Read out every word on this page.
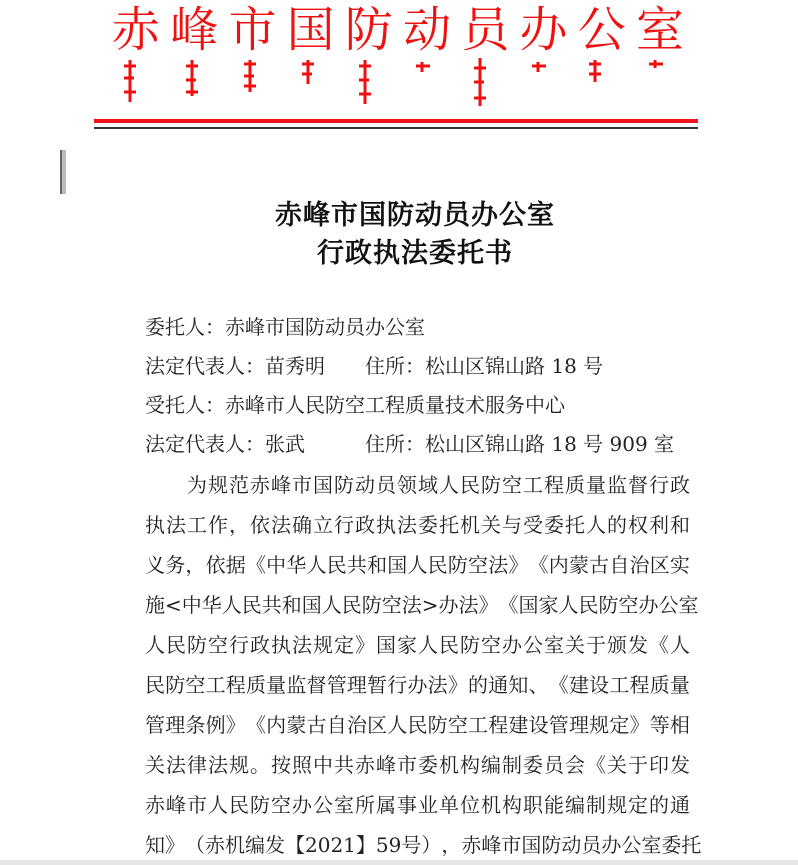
赤 峰 市 国 防 动 员 办 公 室
赤峰市国防动员办公室
行政执法委托书
委托人：赤峰市国防动员办公室
法定代表人：苗秀明　　住所：松山区锦山路 18 号
受托人：赤峰市人民防空工程质量技术服务中心
法定代表人：张武　　　住所：松山区锦山路 18 号 909 室

为 规 范 赤 峰 市 国 防 动 员 领 域 人 民 防 空 工 程 质 量 监 督 行 政
执 法 工 作 ， 依 法 确 立 行 政 执 法 委 托 机 关 与 受 委 托 人 的 权 利 和
义 务 ， 依 据 《 中 华 人 民 共 和 国 人 民 防 空 法 》 《 内 蒙 古 自 治 区 实
施 < 中 华 人 民 共 和 国 人 民 防 空 法 > 办 法 》 《 国 家 人 民 防 空 办 公 室
人 民 防 空 行 政 执 法 规 定 》 国 家 人 民 防 空 办 公 室 关 于 颁 发 《 人
民 防 空 工 程 质 量 监 督 管 理 暂 行 办 法 》 的 通 知 、 《 建 设 工 程 质 量
管 理 条 例 》 《 内 蒙 古 自 治 区 人 民 防 空 工 程 建 设 管 理 规 定 》 等 相
关 法 律 法 规 。 按 照 中 共 赤 峰 市 委 机 构 编 制 委 员 会 《 关 于 印 发
赤 峰 市 人 民 防 空 办 公 室 所 属 事 业 单 位 机 构 职 能 编 制 规 定 的 通
知 》 （ 赤 机 编 发 【 2021 】 59 号 ） ， 赤 峰 市 国 防 动 员 办 公 室 委 托
